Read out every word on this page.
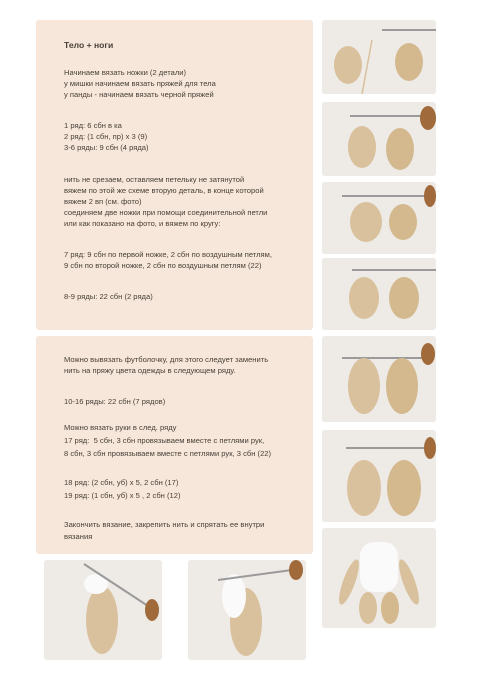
Тело + ноги
Начинаем вязать ножки (2 детали)
у мишки начинаем вязать пряжей для тела
у панды - начинаем вязать черной пряжей
1 ряд: 6 сбн в ка
2 ряд: (1 сбн, пр) х 3 (9)
3-6 ряды: 9 сбн (4 ряда)
нить не срезаем, оставляем петельку не затянутой
вяжем по этой же схеме вторую деталь, в конце которой
вяжем 2 вп (см. фото)
соединяем две ножки при помощи соединительной петли
или как показано на фото, и вяжем по кругу:
7 ряд: 9 сбн по первой ножке, 2 сбн по воздушным петлям,
9 сбн по второй ножке, 2 сбн по воздушным петлям (22)
8-9 ряды: 22 сбн (2 ряда)
Можно вывязать футболочку, для этого следует заменить
нить на пряжу цвета одежды в следующем ряду.
10-16 ряды: 22 сбн (7 рядов)
Можно вязать руки в след. ряду
17 ряд:  5 сбн, 3 сбн провязываем вместе с петлями рук,
8 сбн, 3 сбн провязываем вместе с петлями рук, 3 сбн (22)
18 ряд: (2 сбн, уб) х 5, 2 сбн (17)
19 ряд: (1 сбн, уб) х 5 , 2 сбн (12)
Закончить вязание, закрепить нить и спрятать ее внутри
вязания
